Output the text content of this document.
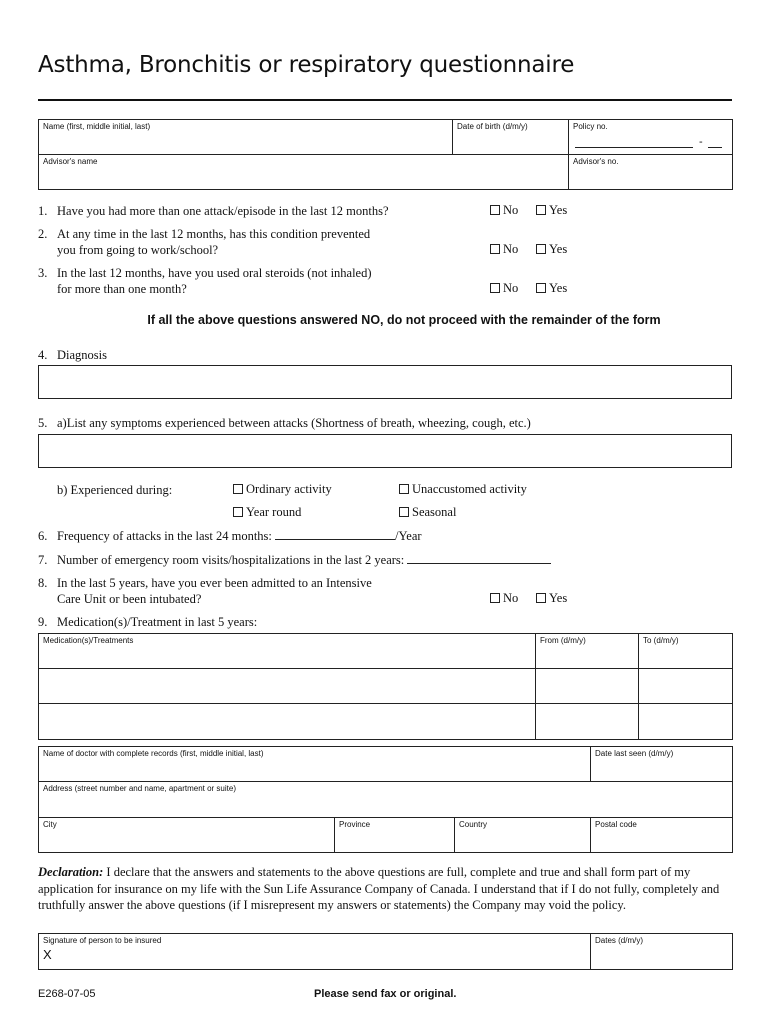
Asthma, Bronchitis or respiratory questionnaire
Name (first, middle initial, last)	Date of birth (d/m/y)	Policy no.
-

Advisor's name		Advisor's no.
1. Have you had more than one attack/episode in the last 12 months?	No	Yes
2. At any time in the last 12 months, has this condition prevented
you from going to work/school?	No	Yes
3. In the last 12 months, have you used oral steroids (not inhaled)
for more than one month?	No	Yes
If all the above questions answered NO, do not proceed with the remainder of the form
4. Diagnosis
5. a)List any symptoms experienced between attacks (Shortness of breath, wheezing, cough, etc.)
b) Experienced during:	Ordinary activity	Unaccustomed activity
Year round	Seasonal
6. Frequency of attacks in the last 24 months:	/Year
7. Number of emergency room visits/hospitalizations in the last 2 years:
8. In the last 5 years, have you ever been admitted to an Intensive
Care Unit or been intubated?	No	Yes
9. Medication(s)/Treatment in last 5 years:
Medication(s)/Treatments	From (d/m/y)	To (d/m/y)

Name of doctor with complete records (first, middle initial, last)			Date last seen (d/m/y)
Address (street number and name, apartment or suite)			
City	Province	Country	Postal code
Declaration: I declare that the answers and statements to the above questions are full, complete and true and shall form part of my application for insurance on my life with the Sun Life Assurance Company of Canada. I understand that if I do not fully, completely and truthfully answer the above questions (if I misrepresent my answers or statements) the Company may void the policy.
Signature of person to be insured
X
	Dates (d/m/y)
E268-07-05	Please send fax or original.
